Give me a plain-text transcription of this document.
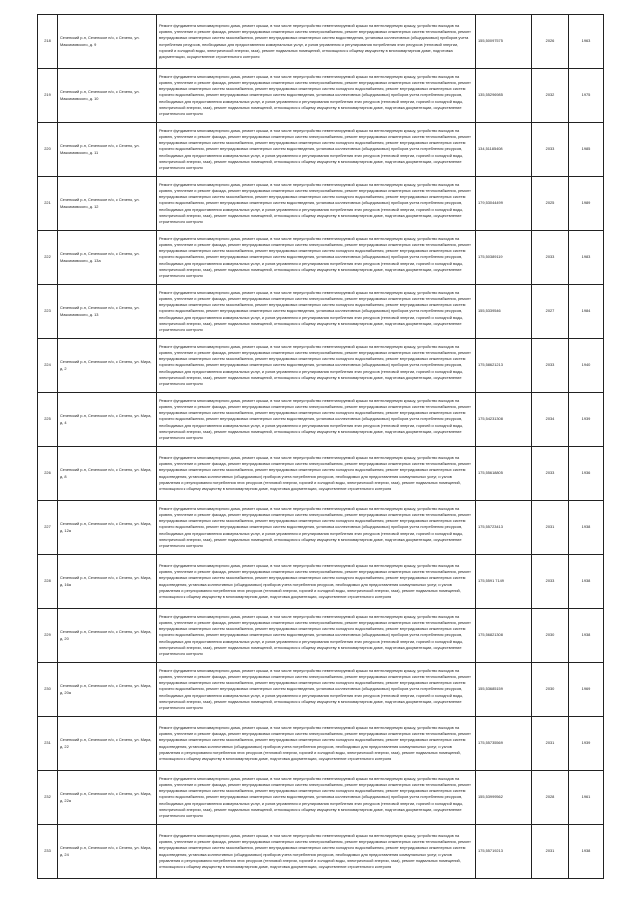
218	Сеченский р-н, Сеченское п/о, с Сечено, ул. Максимовского, д. 9	Ремонт фундамента многоквартирного дома, ремонт крыши, в том числе переустройство невентилируемой крыши на вентилируемую крышу, устройство выходов на кровлю, утепление и ремонт фасада, ремонт внутридомовых инженерных систем электроснабжения, ремонт внутридомовых инженерных систем теплоснабжения, ремонт внутридомовых инженерных систем газоснабжения, ремонт внутридомовых инженерных систем водоотведения, установка коллективных (общедомовых) приборов учета потребления ресурсов, необходимых для предоставления коммунальных услуг, и узлов управления и регулирования потребления этих ресурсов (тепловой энергии, горячей и холодной воды, электрической энергии, газа), ремонт подвальных помещений, относящихся к общему имуществу в многоквартирном доме, подготовка документации, осуществление строительного контроля	155,50097575	2026	1963

219	Сеченский р-н, Сеченское п/о, с Сечено, ул. Максимовского, д. 10	Ремонт фундамента многоквартирного дома, ремонт крыши, в том числе переустройство невентилируемой крыши на вентилируемую крышу, устройство выходов на кровлю, утепление и ремонт фасада, ремонт внутридомовых инженерных систем электроснабжения, ремонт внутридомовых инженерных систем теплоснабжения, ремонт внутридомовых инженерных систем газоснабжения, ремонт внутридомовых инженерных систем холодного водоснабжения, ремонт внутридомовых инженерных систем горячего водоснабжения, ремонт внутридомовых инженерных систем водоотведения, установка коллективных (общедомовых) приборов учета потребления ресурсов, необходимых для предоставления коммунальных услуг, и узлов управления и регулирования потребления этих ресурсов (тепловой энергии, горячей и холодной воды, электрической энергии, газа), ремонт подвальных помещений, относящихся к общему имуществу в многоквартирном доме, подготовка документации, осуществление строительного контроля	135,55296985	2032	1975

220	Сеченский р-н, Сеченское п/о, с Сечено, ул. Максимовского, д. 11	Ремонт фундамента многоквартирного дома, ремонт крыши, в том числе переустройство невентилируемой крыши на вентилируемую крышу, устройство выходов на кровлю, утепление и ремонт фасада, ремонт внутридомовых инженерных систем электроснабжения, ремонт внутридомовых инженерных систем теплоснабжения, ремонт внутридомовых инженерных систем газоснабжения, ремонт внутридомовых инженерных систем холодного водоснабжения, ремонт внутридомовых инженерных систем горячего водоснабжения, ремонт внутридомовых инженерных систем водоотведения, установка коллективных (общедомовых) приборов учета потребления ресурсов, необходимых для предоставления коммунальных услуг, и узлов управления и регулирования потребления этих ресурсов (тепловой энергии, горячей и холодной воды, электрической энергии, газа), ремонт подвальных помещений, относящихся к общему имуществу в многоквартирном доме, подготовка документации, осуществление строительного контроля	134,51185408	2033	1985

221	Сеченский р-н, Сеченское п/о, с Сечено, ул. Максимовского, д. 12	Ремонт фундамента многоквартирного дома, ремонт крыши, в том числе переустройство невентилируемой крыши на вентилируемую крышу, устройство выходов на кровлю, утепление и ремонт фасада, ремонт внутридомовых инженерных систем электроснабжения, ремонт внутридомовых инженерных систем теплоснабжения, ремонт внутридомовых инженерных систем газоснабжения, ремонт внутридомовых инженерных систем холодного водоснабжения, ремонт внутридомовых инженерных систем горячего водоснабжения, ремонт внутридомовых инженерных систем водоотведения, установка коллективных (общедомовых) приборов учета потребления ресурсов, необходимых для предоставления коммунальных услуг, и узлов управления и регулирования потребления этих ресурсов (тепловой энергии, горячей и холодной воды, электрической энергии, газа), ремонт подвальных помещений, относящихся к общему имуществу в многоквартирном доме, подготовка документации, осуществление строительного контроля	179,53044499	2025	1989

222	Сеченский р-н, Сеченское п/о, с Сечено, ул. Максимовского, д. 13а	Ремонт фундамента многоквартирного дома, ремонт крыши, в том числе переустройство невентилируемой крыши на вентилируемую крышу, устройство выходов на кровлю, утепление и ремонт фасада, ремонт внутридомовых инженерных систем электроснабжения, ремонт внутридомовых инженерных систем теплоснабжения, ремонт внутридомовых инженерных систем газоснабжения, ремонт внутридомовых инженерных систем холодного водоснабжения, ремонт внутридомовых инженерных систем горячего водоснабжения, ремонт внутридомовых инженерных систем водоотведения, установка коллективных (общедомовых) приборов учета потребления ресурсов, необходимых для предоставления коммунальных услуг, и узлов управления и регулирования потребления этих ресурсов (тепловой энергии, горячей и холодной воды, электрической энергии, газа), ремонт подвальных помещений, относящихся к общему имуществу в многоквартирном доме, подготовка документации, осуществление строительного контроля	175,50389119	2033	1983

223	Сеченский р-н, Сеченское п/о, с Сечено, ул. Максимовского, д. 13	Ремонт фундамента многоквартирного дома, ремонт крыши, в том числе переустройство невентилируемой крыши на вентилируемую крышу, устройство выходов на кровлю, утепление и ремонт фасада, ремонт внутридомовых инженерных систем электроснабжения, ремонт внутридомовых инженерных систем теплоснабжения, ремонт внутридомовых инженерных систем газоснабжения, ремонт внутридомовых инженерных систем холодного водоснабжения, ремонт внутридомовых инженерных систем горячего водоснабжения, ремонт внутридомовых инженерных систем водоотведения, установка коллективных (общедомовых) приборов учета потребления ресурсов, необходимых для предоставления коммунальных услуг, и узлов управления и регулирования потребления этих ресурсов (тепловой энергии, горячей и холодной воды, электрической энергии, газа), ремонт подвальных помещений, относящихся к общему имуществу в многоквартирном доме, подготовка документации, осуществление строительного контроля	155,5339546	2027	1984

224	Сеченский р-н, Сеченское п/о, с Сечено, ул. Мира, д. 2	Ремонт фундамента многоквартирного дома, ремонт крыши, в том числе переустройство невентилируемой крыши на вентилируемую крышу, устройство выходов на кровлю, утепление и ремонт фасада, ремонт внутридомовых инженерных систем электроснабжения, ремонт внутридомовых инженерных систем теплоснабжения, ремонт внутридомовых инженерных систем газоснабжения, ремонт внутридомовых инженерных систем холодного водоснабжения, ремонт внутридомовых инженерных систем горячего водоснабжения, ремонт внутридомовых инженерных систем водоотведения, установка коллективных (общедомовых) приборов учета потребления ресурсов, необходимых для предоставления коммунальных услуг, и узлов управления и регулирования потребления этих ресурсов (тепловой энергии, горячей и холодной воды, электрической энергии, газа), ремонт подвальных помещений, относящихся к общему имуществу в многоквартирном доме, подготовка документации, осуществление строительного контроля	175,58621213	2033	1940

225	Сеченский р-н, Сеченское п/о, с Сечено, ул. Мира, д. 4	Ремонт фундамента многоквартирного дома, ремонт крыши, в том числе переустройство невентилируемой крыши на вентилируемую крышу, устройство выходов на кровлю, утепление и ремонт фасада, ремонт внутридомовых инженерных систем электроснабжения, ремонт внутридомовых инженерных систем теплоснабжения, ремонт внутридомовых инженерных систем газоснабжения, ремонт внутридомовых инженерных систем холодного водоснабжения, ремонт внутридомовых инженерных систем горячего водоснабжения, ремонт внутридомовых инженерных систем водоотведения, установка коллективных (общедомовых) приборов учета потребления ресурсов, необходимых для предоставления коммунальных услуг, и узлов управления и регулирования потребления этих ресурсов (тепловой энергии, горячей и холодной воды, электрической энергии, газа), ремонт подвальных помещений, относящихся к общему имуществу в многоквартирном доме, подготовка документации, осуществление строительного контроля	175,54231308	2034	1939

226	Сеченский р-н, Сеченское п/о, с Сечено, ул. Мира, д. 8	Ремонт фундамента многоквартирного дома, ремонт крыши, в том числе переустройство невентилируемой крыши на вентилируемую крышу, устройство выходов на кровлю, утепление и ремонт фасада, ремонт внутридомовых инженерных систем электроснабжения, ремонт внутридомовых инженерных систем теплоснабжения, ремонт внутридомовых инженерных систем газоснабжения, ремонт внутридомовых инженерных систем холодного водоснабжения, ремонт внутридомовых инженерных систем водоотведения, установка коллективных (общедомовых) приборов учета потребления ресурсов, необходимых для предоставления коммунальных услуг, и узлов управления и регулирования потребления этих ресурсов (тепловой энергии, горячей и холодной воды, электрической энергии, газа), ремонт подвальных помещений, относящихся к общему имуществу в многоквартирном доме, подготовка документации, осуществление строительного контроля	175,55618805	2033	1936

227	Сеченский р-н, Сеченское п/о, с Сечено, ул. Мира, д. 12а	Ремонт фундамента многоквартирного дома, ремонт крыши, в том числе переустройство невентилируемой крыши на вентилируемую крышу, устройство выходов на кровлю, утепление и ремонт фасада, ремонт внутридомовых инженерных систем электроснабжения, ремонт внутридомовых инженерных систем теплоснабжения, ремонт внутридомовых инженерных систем газоснабжения, ремонт внутридомовых инженерных систем холодного водоснабжения, ремонт внутридомовых инженерных систем горячего водоснабжения, ремонт внутридомовых инженерных систем водоотведения, установка коллективных (общедомовых) приборов учета потребления ресурсов, необходимых для предоставления коммунальных услуг, и узлов управления и регулирования потребления этих ресурсов (тепловой энергии, горячей и холодной воды, электрической энергии, газа), ремонт подвальных помещений, относящихся к общему имуществу в многоквартирном доме, подготовка документации, осуществление строительного контроля	175,55723413	2031	1938

228	Сеченский р-н, Сеченское п/о, с Сечено, ул. Мира, д. 16а	Ремонт фундамента многоквартирного дома, ремонт крыши, в том числе переустройство невентилируемой крыши на вентилируемую крышу, устройство выходов на кровлю, утепление и ремонт фасада, ремонт внутридомовых инженерных систем электроснабжения, ремонт внутридомовых инженерных систем теплоснабжения, ремонт внутридомовых инженерных систем газоснабжения, ремонт внутридомовых инженерных систем холодного водоснабжения, ремонт внутридомовых инженерных систем водоотведения, установка коллективных (общедомовых) приборов учета потребления ресурсов, необходимых для предоставления коммунальных услуг, и узлов управления и регулирования потребления этих ресурсов (тепловой энергии, горячей и холодной воды, электрической энергии, газа), ремонт подвальных помещений, относящихся к общему имуществу в многоквартирном доме, подготовка документации, осуществление строительного контроля	175,5591 7149	2033	1938

229	Сеченский р-н, Сеченское п/о, с Сечено, ул. Мира, д. 20	Ремонт фундамента многоквартирного дома, ремонт крыши, в том числе переустройство невентилируемой крыши на вентилируемую крышу, устройство выходов на кровлю, утепление и ремонт фасада, ремонт внутридомовых инженерных систем электроснабжения, ремонт внутридомовых инженерных систем теплоснабжения, ремонт внутридомовых инженерных систем газоснабжения, ремонт внутридомовых инженерных систем холодного водоснабжения, ремонт внутридомовых инженерных систем горячего водоснабжения, ремонт внутридомовых инженерных систем водоотведения, установка коллективных (общедомовых) приборов учета потребления ресурсов, необходимых для предоставления коммунальных услуг, и узлов управления и регулирования потребления этих ресурсов (тепловой энергии, горячей и холодной воды, электрической энергии, газа), ремонт подвальных помещений, относящихся к общему имуществу в многоквартирном доме, подготовка документации, осуществление строительного контроля	175,56821308	2030	1938

230	Сеченский р-н, Сеченское п/о, с Сечено, ул. Мира, д. 20а	Ремонт фундамента многоквартирного дома, ремонт крыши, в том числе переустройство невентилируемой крыши на вентилируемую крышу, устройство выходов на кровлю, утепление и ремонт фасада, ремонт внутридомовых инженерных систем электроснабжения, ремонт внутридомовых инженерных систем теплоснабжения, ремонт внутридомовых инженерных систем газоснабжения, ремонт внутридомовых инженерных систем холодного водоснабжения, ремонт внутридомовых инженерных систем горячего водоснабжения, ремонт внутридомовых инженерных систем водоотведения, установка коллективных (общедомовых) приборов учета потребления ресурсов, необходимых для предоставления коммунальных услуг, и узлов управления и регулирования потребления этих ресурсов (тепловой энергии, горячей и холодной воды, электрической энергии, газа), ремонт подвальных помещений, относящихся к общему имуществу в многоквартирном доме, подготовка документации, осуществление строительного контроля	155,53685159	2030	1969

231	Сеченский р-н, Сеченское п/о, с Сечено, ул. Мира, д. 22	Ремонт фундамента многоквартирного дома, ремонт крыши, в том числе переустройство невентилируемой крыши на вентилируемую крышу, устройство выходов на кровлю, утепление и ремонт фасада, ремонт внутридомовых инженерных систем электроснабжения, ремонт внутридомовых инженерных систем теплоснабжения, ремонт внутридомовых инженерных систем газоснабжения, ремонт внутридомовых инженерных систем холодного водоснабжения, ремонт внутридомовых инженерных систем водоотведения, установка коллективных (общедомовых) приборов учета потребления ресурсов, необходимых для предоставления коммунальных услуг, и узлов управления и регулирования потребления этих ресурсов (тепловой энергии, горячей и холодной воды, электрической энергии, газа), ремонт подвальных помещений, относящихся к общему имуществу в многоквартирном доме, подготовка документации, осуществление строительного контроля	175,55735569	2031	1939

232	Сеченский р-н, Сеченское п/о, с Сечено, ул. Мира, д. 22а	Ремонт фундамента многоквартирного дома, ремонт крыши, в том числе переустройство невентилируемой крыши на вентилируемую крышу, устройство выходов на кровлю, утепление и ремонт фасада, ремонт внутридомовых инженерных систем электроснабжения, ремонт внутридомовых инженерных систем теплоснабжения, ремонт внутридомовых инженерных систем газоснабжения, ремонт внутридомовых инженерных систем холодного водоснабжения, ремонт внутридомовых инженерных систем горячего водоснабжения, ремонт внутридомовых инженерных систем водоотведения, установка коллективных (общедомовых) приборов учета потребления ресурсов, необходимых для предоставления коммунальных услуг, и узлов управления и регулирования потребления этих ресурсов (тепловой энергии, горячей и холодной воды, электрической энергии, газа), ремонт подвальных помещений, относящихся к общему имуществу в многоквартирном доме, подготовка документации, осуществление строительного контроля	155,53999562	2028	1961

233	Сеченский р-н, Сеченское п/о, с Сечено, ул. Мира, д. 24	Ремонт фундамента многоквартирного дома, ремонт крыши, в том числе переустройство невентилируемой крыши на вентилируемую крышу, устройство выходов на кровлю, утепление и ремонт фасада, ремонт внутридомовых инженерных систем электроснабжения, ремонт внутридомовых инженерных систем теплоснабжения, ремонт внутридомовых инженерных систем газоснабжения, ремонт внутридомовых инженерных систем холодного водоснабжения, ремонт внутридомовых инженерных систем водоотведения, установка коллективных (общедомовых) приборов учета потребления ресурсов, необходимых для предоставления коммунальных услуг, и узлов управления и регулирования потребления этих ресурсов (тепловой энергии, горячей и холодной воды, электрической энергии, газа), ремонт подвальных помещений, относящихся к общему имуществу в многоквартирном доме, подготовка документации, осуществление строительного контроля	175,55719213	2031	1938
